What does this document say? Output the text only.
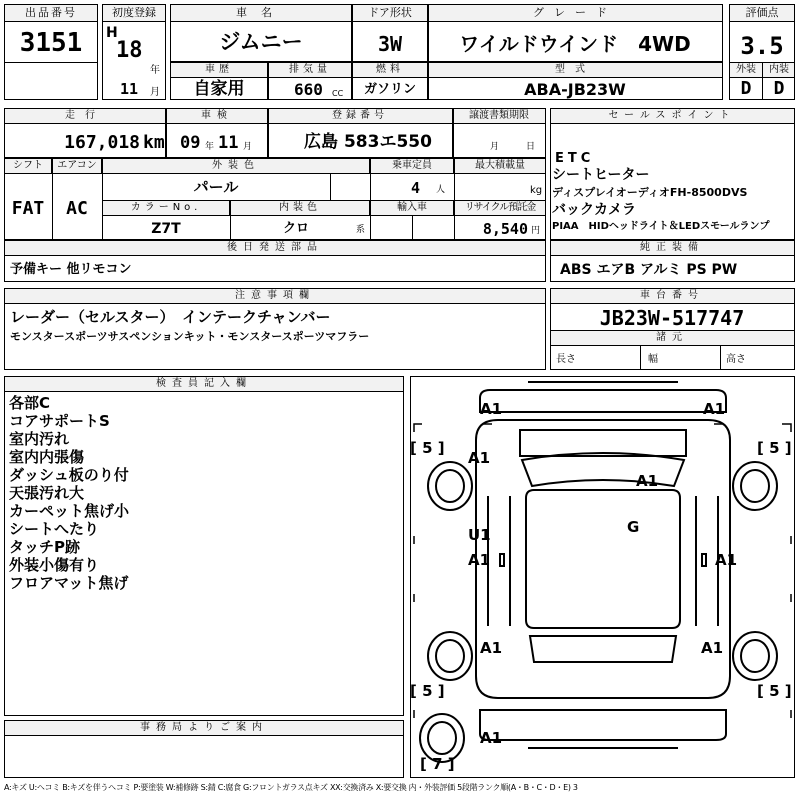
出品番号
3151
初度登録
H
18
年
11 月
車名
ジムニー
ドア形状
3W
グレード
ワイルドウインド　4WD
評価点
3.5
外装 内装
D D
車歴
自家用
排気量
660 CC
燃料
ガソリン
型式
ABA-JB23W
走行
167,018 km
車検
09 年 11 月
登録番号
広島 583エ550
譲渡書類期限
月	日
セールスポイント
ETC
シートヒーター
ディスプレイオーディオFH-8500DVS
バックカメラ
PIAA　HIDヘッドライト＆LEDスモールランプ
シフト エアコン
FAT AC
外装色
パール
乗車定員
4 人
最大積載量
kg
カラーNo.
Z7T
内装色
クロ	系
輸入車	リサイクル預託金
8,540 円
後日発送部品
予備キー 他リモコン
純正装備
ABS エアB アルミ PS PW
注意事項欄
レーダー（セルスター）　インテークチャンバー
モンスタースポーツサスペンションキット・モンスタースポーツマフラー
車台番号
JB23W-517747
諸元
長さ	幅	高さ
検査員記入欄
各部C
コアサポートS
室内汚れ
室内内張傷
ダッシュ板のり付
天張汚れ大
カーペット焦げ小
シートへたり
タッチP跡
外装小傷有り
フロアマット焦げ
事務局よりご案内
A1	A1
A1
A1
G
U1
A1	A1
A1	A1
A1
[ 5 ]	[ 5 ]
[ 5 ]	[ 5 ]
[ 7 ]
A:キズ U:ヘコミ B:キズを伴うヘコミ P:要塗装 W:補修跡 S:錆 C:腐食 G:フロントガラス点キズ XX:交換済み X:要交換 内・外装評価 5段階ランク順(A・B・C・D・E) 3
